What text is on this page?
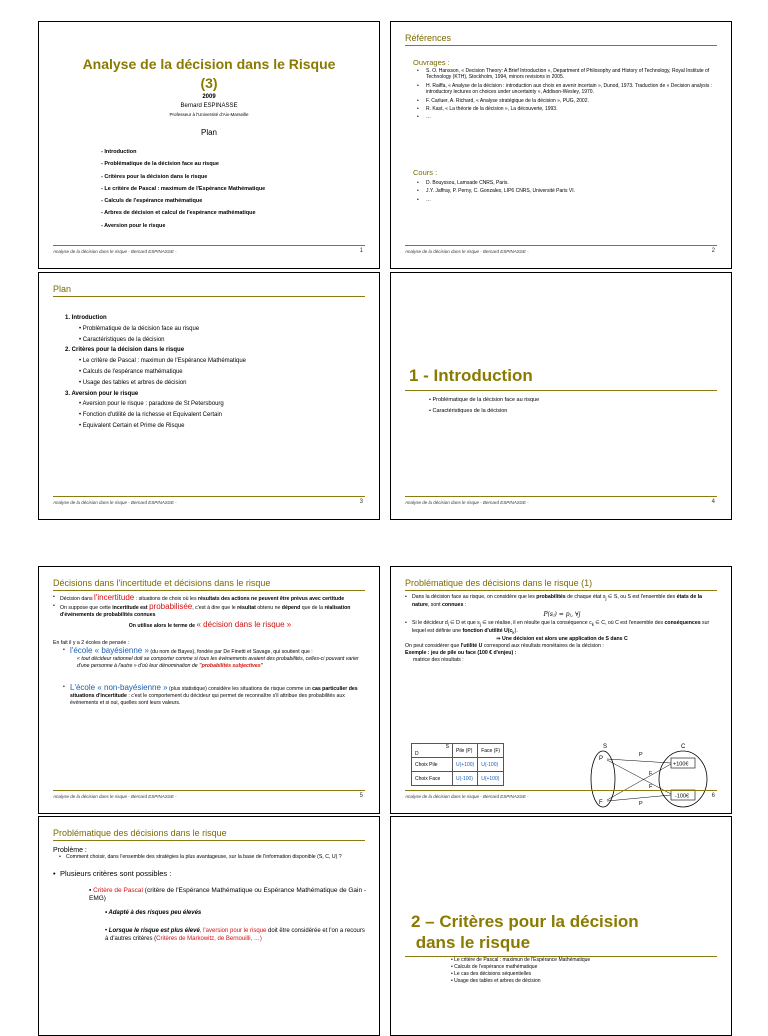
Analyse de la décision dans le Risque
(3)
2009
Bernard ESPINASSE
Professeur à l'Université d'Aix-Marseille
Plan
- Introduction
- Problématique de la décision face au risque
- Critères pour la décision dans le risque
- Le critère de Pascal : maximum de l'Espérance Mathématique
- Calculs de l'espérance mathématique
- Arbres de décision et calcul de l'espérance mathématique
- Aversion pour le risque
Analyse de la décision dans le risque - Bernard ESPINASSE -	1
Références
Ouvrages :
• S. O. Hansson, « Decision Theory: A Brief Introduction », Department of Philosophy and History of Technology, Royal Institute of Technology (KTH), Stockholm, 1994, minors revisions in 2005.
• H. Raiffa, « Analyse de la décision : introduction aux choix en avenir incertain », Dunod, 1973. Traduction de « Decision analysis : introductory lectures on choices under uncertainty », Addison-Wesley, 1970.
• F. Carluer, A. Richard, « Analyse stratégique de la décision », PUG, 2002.
• R. Kast, « La théorie de la décision », La découverte, 1993.
• …
Cours :
• D. Bouyssou, Lamsade CNRS, Paris.
• J.Y. Jaffray, P. Perny, C. Gonzales, LIP6 CNRS, Université Paris VI.
• …
Analyse de la décision dans le risque - Bernard ESPINASSE -	2
Plan
1. Introduction
• Problématique de la décision face au risque
• Caractéristiques de la décision
2. Critères pour la décision dans le risque
• Le critère de Pascal : maximun de l'Espérance Mathématique
• Calculs de l'espérance mathématique
• Usage des tables et arbres de décision
3. Aversion pour le risque
• Aversion pour le risque : paradoxe de St Petersbourg
• Fonction d'utilité de la richesse et Equivalent Certain
• Equivalent Certain et Prime de Risque
Analyse de la décision dans le risque - Bernard ESPINASSE -	3
1 - Introduction
• Problématique de la décision face au risque
• Caractéristiques de la décision
Analyse de la décision dans le risque - Bernard ESPINASSE -	4
Décisions dans l'incertitude et décisions dans le risque
• Décision dans l'incertitude : situations de choix où les résultats des actions ne peuvent être prévus avec certitude
• On suppose que cette incertitude est probabilisée, c'est à dire que le résultat obtenu ne dépend que de la réalisation d'événements de probabilités connues
On utilise alors le terme de « décision dans le risque »
En fait il y a 2 écoles de pensée :
• l'école « bayésienne » (du nom de Bayes), fondée par De Finetti et Savage, qui soutient que :
« tout décideur rationnel doit se comporter comme si tous les événements avaient des probabilités, celles-ci pouvant varier d'une personne à l'autre » d'où leur dénomination de "probabilités subjectives"
• L'école « non-bayésienne » (plus statistique) considère les situations de risque comme un cas particulier des situations d'incertitude : c'est le comportement du décideur qui permet de reconnaître s'il attribue des probabilités aux événements et si oui, quelles sont leurs valeurs.
Analyse de la décision dans le risque - Bernard ESPINASSE -	5
Problématique des décisions dans le risque (1)
• Dans la décision face au risque, on considère que les probabilités de chaque état $s_j$ ∈ S, ou S est l'ensemble des états de la nature, sont connues :
P(sⱼ) = pⱼ, ∀j
• Si le décideur $d_i$ ∈ D et que $s_j$ ∈ se réalise, il en résulte que la conséquence $c_k$ ∈ C, où C est l'ensemble des conséquences sur lequel est définie une fonction d'utilité $U(c_k)$.
⇒ Une décision est alors une application de S dans C
On peut considérer que l'utilité U correspond aux résultats monétaires de la décision :
Exemple : jeu de pile ou face (100 € d'enjeu) :
matrice des résultats :
S
D	Pile (P)	Face (F)
Choix Pile	U(+100)	U(-100)
Choix Face	U(-100)	U(+100)
S	C
P
F
+100€
-100€
P
P
F
F
Analyse de la décision dans le risque - Bernard ESPINASSE -	6
Problématique des décisions dans le risque
Problème :
• Comment choisir, dans l'ensemble des stratégies la plus avantageuse, sur la base de l'information disponible (S, C, U) ?
• Plusieurs critères sont possibles :
▪ Critère de Pascal (critère de l'Espérance Mathématique ou Espérance Mathématique de Gain - EMG)
• Adapté à des risques peu élevés
• Lorsque le risque est plus élevé, l'aversion pour le risque doit être considérée et l'on a recours à d'autres critères (Critères de Markowitz, de Bernouilli, …)
2 – Critères pour la décision
dans le risque
• Le critère de Pascal : maximun de l'Espérance Mathématique
• Calculs de l'espérance mathématique
• Le cas des décisions séquentielles
• Usage des tables et arbres de décision
